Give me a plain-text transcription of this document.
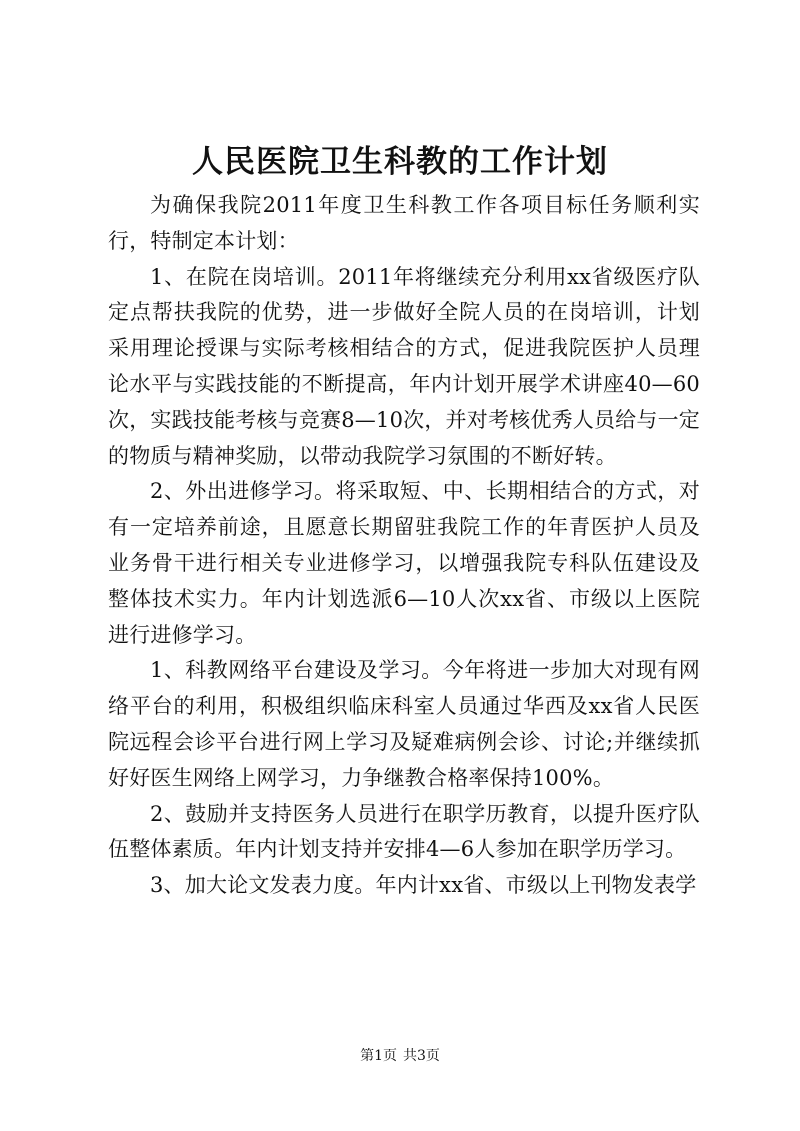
人民医院卫生科教的工作计划

为确保我院2011年度卫生科教工作各项目标任务顺利实行，特制定本计划：

1、在院在岗培训。2011年将继续充分利用xx省级医疗队定点帮扶我院的优势，进一步做好全院人员的在岗培训，计划采用理论授课与实际考核相结合的方式，促进我院医护人员理论水平与实践技能的不断提高，年内计划开展学术讲座40—60次，实践技能考核与竞赛8—10次，并对考核优秀人员给与一定的物质与精神奖励，以带动我院学习氛围的不断好转。

2、外出进修学习。将采取短、中、长期相结合的方式，对有一定培养前途，且愿意长期留驻我院工作的年青医护人员及业务骨干进行相关专业进修学习，以增强我院专科队伍建设及整体技术实力。年内计划选派6—10人次xx省、市级以上医院进行进修学习。

1、科教网络平台建设及学习。今年将进一步加大对现有网络平台的利用，积极组织临床科室人员通过华西及xx省人民医院远程会诊平台进行网上学习及疑难病例会诊、讨论;并继续抓好好医生网络上网学习，力争继教合格率保持100%。

2、鼓励并支持医务人员进行在职学历教育，以提升医疗队伍整体素质。年内计划支持并安排4—6人参加在职学历学习。

3、加大论文发表力度。年内计xx省、市级以上刊物发表学

第1页 共3页
